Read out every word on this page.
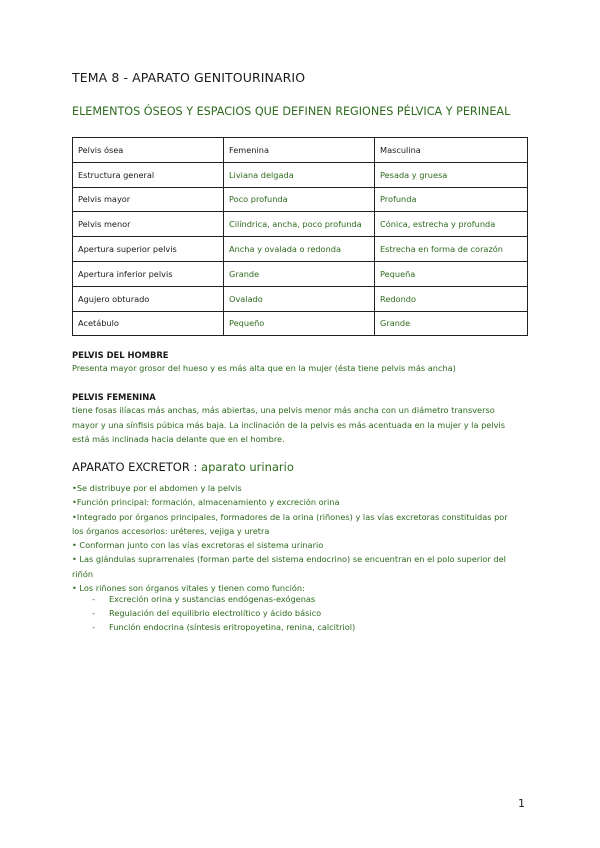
TEMA 8 - APARATO GENITOURINARIO
ELEMENTOS ÓSEOS Y ESPACIOS QUE DEFINEN REGIONES PÉLVICA Y PERINEAL
Pelvis ósea	Femenina	Masculina
Estructura general	Liviana delgada	Pesada y gruesa
Pelvis mayor	Poco profunda	Profunda
Pelvis menor	Cilíndrica, ancha, poco profunda	Cónica, estrecha y profunda
Apertura superior pelvis	Ancha y ovalada o redonda	Estrecha en forma de corazón
Apertura inferior pelvis	Grande	Pequeña
Agujero obturado	Ovalado	Redondo
Acetábulo	Pequeño	Grande
PELVIS DEL HOMBRE
Presenta mayor grosor del hueso y es más alta que en la mujer (ésta tiene pelvis más ancha)
PELVIS FEMENINA
tiene fosas ilíacas más anchas, más abiertas, una pelvis menor más ancha con un diámetro transverso
mayor y una sínfisis púbica más baja. La inclinación de la pelvis es más acentuada en la mujer y la pelvis
está más inclinada hacia delante que en el hombre.
APARATO EXCRETOR : aparato urinario
•Se distribuye por el abdomen y la pelvis
•Función principal: formación, almacenamiento y excreción orina
•Integrado por órganos principales, formadores de la orina (riñones) y las vías excretoras constituidas por
los órganos accesorios: uréteres, vejiga y uretra
• Conforman junto con las vías excretoras el sistema urinario
• Las glándulas suprarrenales (forman parte del sistema endocrino) se encuentran en el polo superior del
riñón
• Los riñones son órganos vitales y tienen como función:
- Excreción orina y sustancias endógenas-exógenas
- Regulación del equilibrio electrolítico y ácido básico
- Función endocrina (síntesis eritropoyetina, renina, calcitriol)
1
